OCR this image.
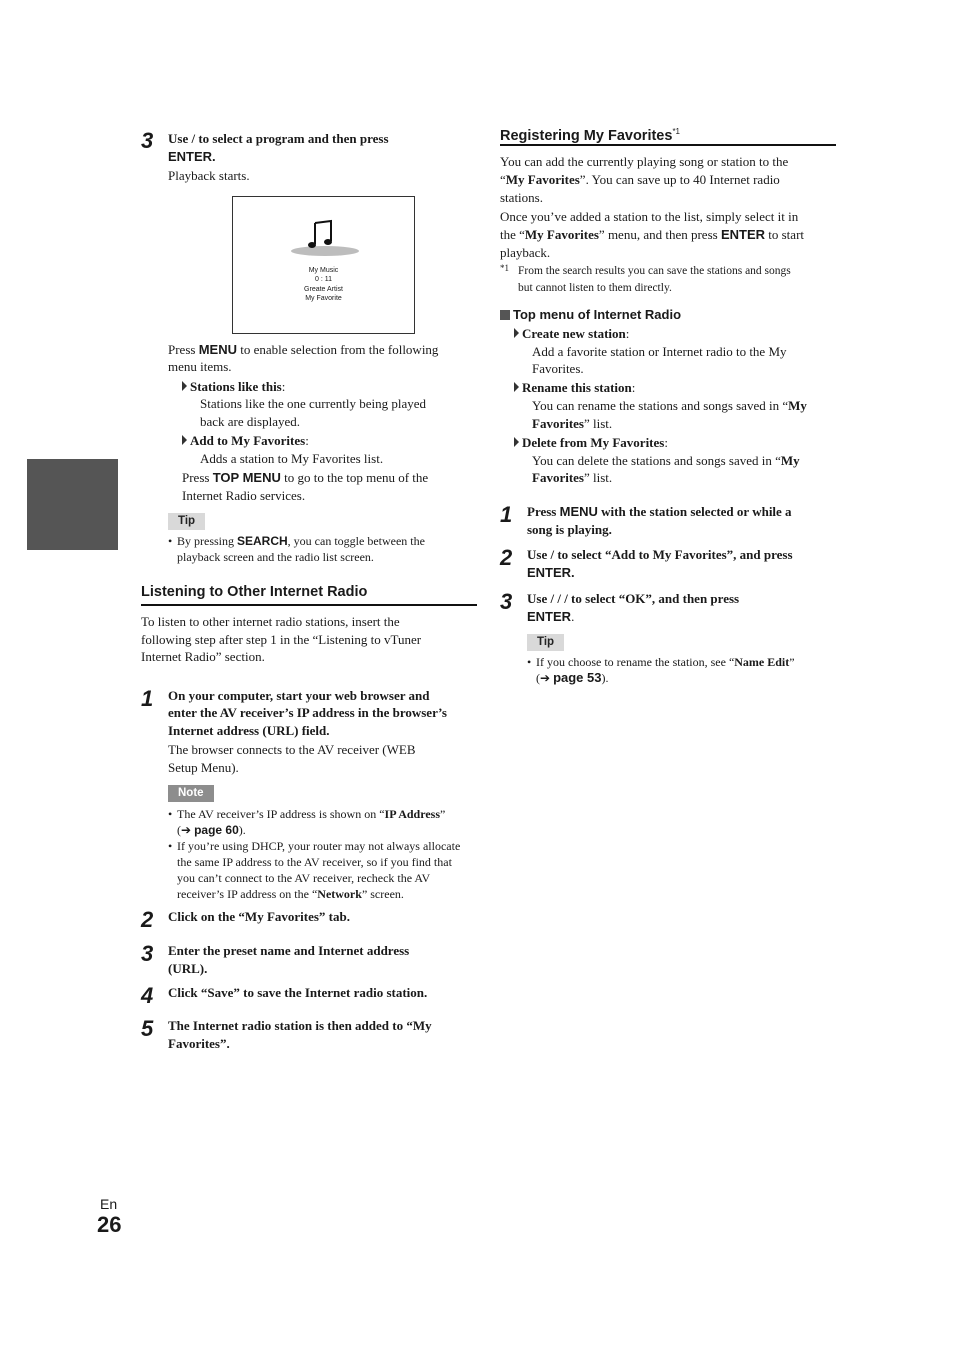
3 Use / to select a program and then press
ENTER.
Playback starts.
My Music
0 : 11
Greate Artist
My Favorite
Press MENU to enable selection from the following
menu items.
Stations like this:
Stations like the one currently being played
back are displayed.
Add to My Favorites:
Adds a station to My Favorites list.
Press TOP MENU to go to the top menu of the
Internet Radio services.
Tip
• By pressing SEARCH, you can toggle between the
playback screen and the radio list screen.
Listening to Other Internet Radio
To listen to other internet radio stations, insert the
following step after step 1 in the “Listening to vTuner
Internet Radio” section.
1 On your computer, start your web browser and
enter the AV receiver’s IP address in the browser’s
Internet address (URL) field.
The browser connects to the AV receiver (WEB
Setup Menu).
Note
• The AV receiver’s IP address is shown on “IP Address”
(➔ page 60).
• If you’re using DHCP, your router may not always allocate
the same IP address to the AV receiver, so if you find that
you can’t connect to the AV receiver, recheck the AV
receiver’s IP address on the “Network” screen.
2 Click on the “My Favorites” tab.
3 Enter the preset name and Internet address
(URL).
4 Click “Save” to save the Internet radio station.
5 The Internet radio station is then added to “My
Favorites”.
Registering My Favorites$^{*1}$
You can add the currently playing song or station to the
“My Favorites”. You can save up to 40 Internet radio
stations.
Once you’ve added a station to the list, simply select it in
the “My Favorites” menu, and then press ENTER to start
playback.
*1 From the search results you can save the stations and songs
but cannot listen to them directly.
Top menu of Internet Radio
Create new station:
Add a favorite station or Internet radio to the My
Favorites.
Rename this station:
You can rename the stations and songs saved in “My
Favorites” list.
Delete from My Favorites:
You can delete the stations and songs saved in “My
Favorites” list.
1 Press MENU with the station selected or while a
song is playing.
2 Use / to select “Add to My Favorites”, and press
ENTER.
3 Use / / / to select “OK”, and then press
ENTER.
Tip
• If you choose to rename the station, see “Name Edit”
(➔ page 53).
En
26
